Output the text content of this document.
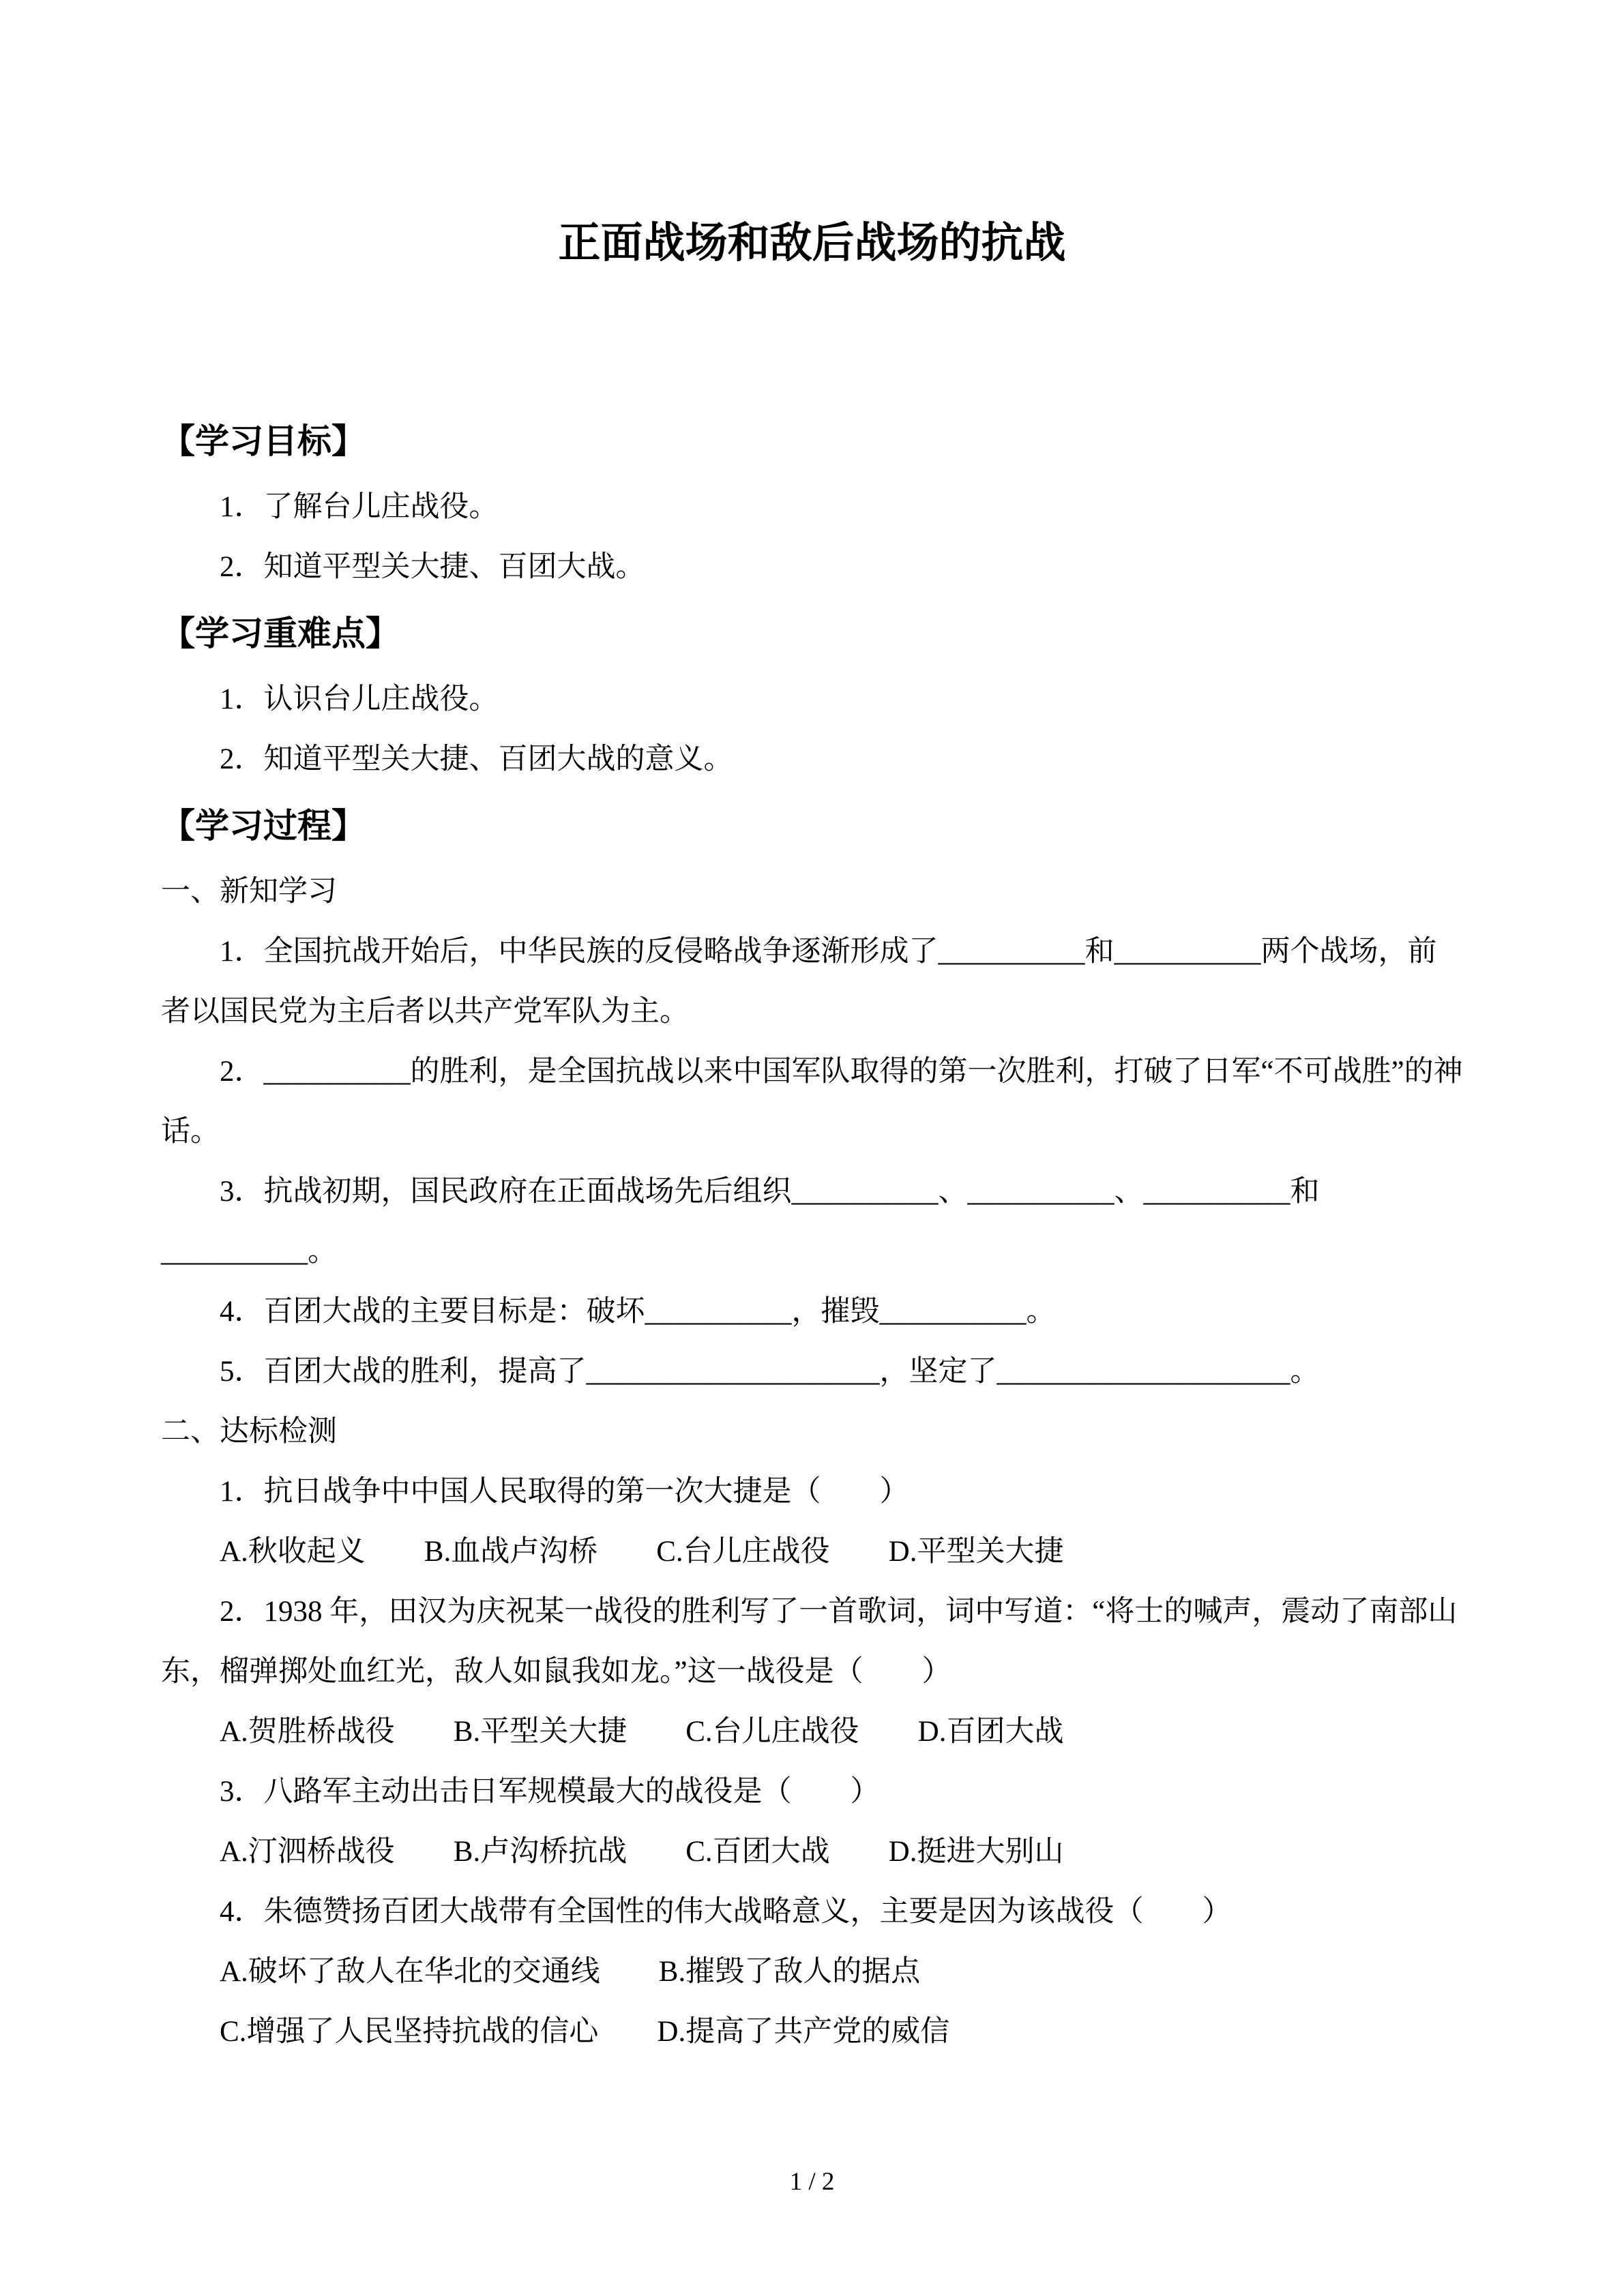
正面战场和敌后战场的抗战
【学习目标】

1．了解台儿庄战役。

2．知道平型关大捷、百团大战。

【学习重难点】

1．认识台儿庄战役。

2．知道平型关大捷、百团大战的意义。

【学习过程】

一、新知学习

1．全国抗战开始后，中华民族的反侵略战争逐渐形成了__________和__________两个战场，前者以国民党为主后者以共产党军队为主。

2．__________的胜利，是全国抗战以来中国军队取得的第一次胜利，打破了日军“不可战胜”的神话。

3．抗战初期，国民政府在正面战场先后组织__________、__________、__________和__________。

4．百团大战的主要目标是：破坏__________，摧毁__________。

5．百团大战的胜利，提高了____________________，坚定了____________________。

二、达标检测

1．抗日战争中中国人民取得的第一次大捷是（　　）

A.秋收起义　　B.血战卢沟桥　　C.台儿庄战役　　D.平型关大捷

2．1938 年，田汉为庆祝某一战役的胜利写了一首歌词，词中写道：“将士的喊声，震动了南部山东，榴弹掷处血红光，敌人如鼠我如龙。”这一战役是（　　）

A.贺胜桥战役　　B.平型关大捷　　C.台儿庄战役　　D.百团大战

3．八路军主动出击日军规模最大的战役是（　　）

A.汀泗桥战役　　B.卢沟桥抗战　　C.百团大战　　D.挺进大别山

4．朱德赞扬百团大战带有全国性的伟大战略意义，主要是因为该战役（　　）

A.破坏了敌人在华北的交通线　　B.摧毁了敌人的据点

C.增强了人民坚持抗战的信心　　D.提高了共产党的威信

1 / 2
